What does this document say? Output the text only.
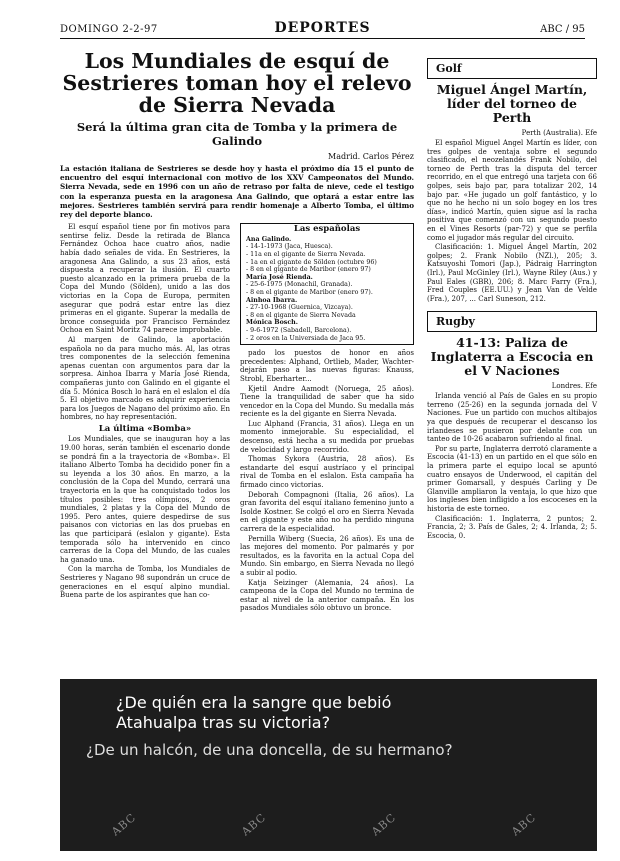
DOMINGO 2-2-97	DEPORTES	ABC / 95
Los Mundiales de esquí de Sestrieres toman hoy el relevo de Sierra Nevada
Será la última gran cita de Tomba y la primera de Galindo
Madrid. Carlos Pérez
La estación italiana de Sestrieres se desde hoy y hasta el próximo día 15 el punto de encuentro del esquí internacional con motivo de los XXV Campeonatos del Mundo. Sierra Nevada, sede en 1996 con un año de retraso por falta de nieve, cede el testigo con la esperanza puesta en la aragonesa Ana Galindo, que optará a estar entre las mejores. Sestrieres también servirá para rendir homenaje a Alberto Tomba, el último rey del deporte blanco.

El esquí español tiene por fin motivos para sentirse feliz. Desde la retirada de Blanca Fernández Ochoa hace cuatro años, nadie había dado señales de vida. En Sestrieres, la aragonesa Ana Galindo, a sus 23 años, está dispuesta a recuperar la ilusión. El cuarto puesto alcanzado en la primera prueba de la Copa del Mundo (Sölden), unido a las dos victorias en la Copa de Europa, permiten asegurar que podrá estar entre las diez primeras en el gigante. Superar la medalla de bronce conseguida por Francisco Fernández Ochoa en Saint Moritz 74 parece improbable.

Al margen de Galindo, la aportación española no da para mucho más. Al, las otras tres componentes de la selección femenina apenas cuentan con argumentos para dar la sorpresa. Ainhoa Ibarra y María José Rienda, compañeras junto con Galindo en el gigante el día 5. Mónica Bosch lo hará en el eslalon el día 5. El objetivo marcado es adquirir experiencia para los Juegos de Nagano del próximo año. En hombres, no hay representación.

La última «Bomba»

Los Mundiales, que se inauguran hoy a las 19.00 horas, serán también el escenario donde se pondrá fin a la trayectoria de «Bomba». El italiano Alberto Tomba ha decidido poner fin a su leyenda a los 30 años. En marzo, a la conclusión de la Copa del Mundo, cerrará una trayectoria en la que ha conquistado todos los títulos posibles: tres olímpicos, 2 oros mundiales, 2 platas y la Copa del Mundo de 1995. Pero antes, quiere despedirse de sus paisanos con victorias en las dos pruebas en las que participará (eslalon y gigante). Esta temporada sólo ha intervenido en cinco carreras de la Copa del Mundo, de las cuales ha ganado una.

Con la marcha de Tomba, los Mundiales de Sestrieres y Nagano 98 supondrán un cruce de generaciones en el esquí alpino mundial. Buena parte de los aspirantes que han co-

Las españolas
Ana Galindo.
- 14-1-1973 (Jaca, Huesca).
- 11a en el gigante de Sierra Nevada.
- 1a en el gigante de Sölden (octubre 96)
- 8 en el gigante de Maribor (enero 97)
María José Rienda.
- 25-6-1975 (Monachil, Granada).
- 8 en el gigante de Maribor (enero 97).
Ainhoa Ibarra.
- 27-10-1968 (Guernica, Vizcaya).
- 8 en el gigante de Sierra Nevada
Mónica Bosch.
- 9-6-1972 (Sabadell, Barcelona).
- 2 oros en la Universiada de Jaca 95.

pado los puestos de honor en años precedentes: Alphand, Ortlieb, Mader, Wachter- dejarán paso a las nuevas figuras: Knauss, Strobl, Eberharter...

Kjetil Andre Aamodt (Noruega, 25 años). Tiene la tranquilidad de saber que ha sido vencedor en la Copa del Mundo. Su medalla más reciente es la del gigante en Sierra Nevada.

Luc Alphand (Francia, 31 años). Llega en un momento inmejorable. Su especialidad, el descenso, está hecha a su medida por pruebas de velocidad y largo recorrido.

Thomas Sykora (Austria, 28 años). Es estandarte del esquí austríaco y el principal rival de Tomba en el eslalon. Esta campaña ha firmado cinco victorias.

Deborah Compagnoni (Italia, 26 años). La gran favorita del esquí italiano femenino junto a Isolde Kostner. Se colgó el oro en Sierra Nevada en el gigante y este año no ha perdido ninguna carrera de la especialidad.

Pernilla Wiberg (Suecia, 26 años). Es una de las mejores del momento. Por palmarés y por resultados, es la favorita en la actual Copa del Mundo. Sin embargo, en Sierra Nevada no llegó a subir al podio.

Katja Seizinger (Alemania, 24 años). La campeona de la Copa del Mundo no termina de estar al nivel de la anterior campaña. En los pasados Mundiales sólo obtuvo un bronce.

Golf
Miguel Ángel Martín, líder del torneo de Perth
Perth (Australia). Efe

El español Miguel Angel Martín es líder, con tres golpes de ventaja sobre el segundo clasificado, el neozelandés Frank Nobilo, del torneo de Perth tras la disputa del tercer recorrido, en el que entregó una tarjeta con 66 golpes, seis bajo par, para totalizar 202, 14 bajo par. «He jugado un golf fantástico, y lo que no he hecho ni un solo bogey en los tres días», indicó Martín, quien sigue así la racha positiva que comenzó con un segundo puesto en el Vines Resorts (par-72) y que se perfila como el jugador más regular del circuito.

Clasificación: 1. Miguel Ángel Martín, 202 golpes; 2. Frank Nobilo (NZl.), 205; 3. Katsuyoshi Tomori (Jap.), Pádraig Harrington (Irl.), Paul McGinley (Irl.), Wayne Riley (Aus.) y Paul Eales (GBR), 206; 8. Marc Farry (Fra.), Fred Couples (EE.UU.) y Jean Van de Velde (Fra.), 207, ... Carl Suneson, 212.

Rugby
41-13: Paliza de Inglaterra a Escocia en el V Naciones
Londres. Efe

Irlanda venció al País de Gales en su propio terreno (25-26) en la segunda jornada del V Naciones. Fue un partido con muchos altibajos ya que después de recuperar el descanso los irlandeses se pusieron por delante con un tanteo de 10-26 acabaron sufriendo al final.

Por su parte, Inglaterra derrotó claramente a Escocia (41-13) en un partido en el que sólo en la primera parte el equipo local se apuntó cuatro ensayos de Underwood, el capitán del primer Gomarsall, y después Carling y De Glanville ampliaron la ventaja, lo que hizo que los ingleses bien infligido a los escoceses en la historia de este torneo.

Clasificación: 1. Inglaterra, 2 puntos; 2. Francia, 2; 3. País de Gales, 2; 4. Irlanda, 2; 5. Escocia, 0.

¿De quién era la sangre que bebió
Atahualpa tras su victoria?
¿De un halcón, de una doncella, de su hermano?
ABC	ABC	ABC	ABC
